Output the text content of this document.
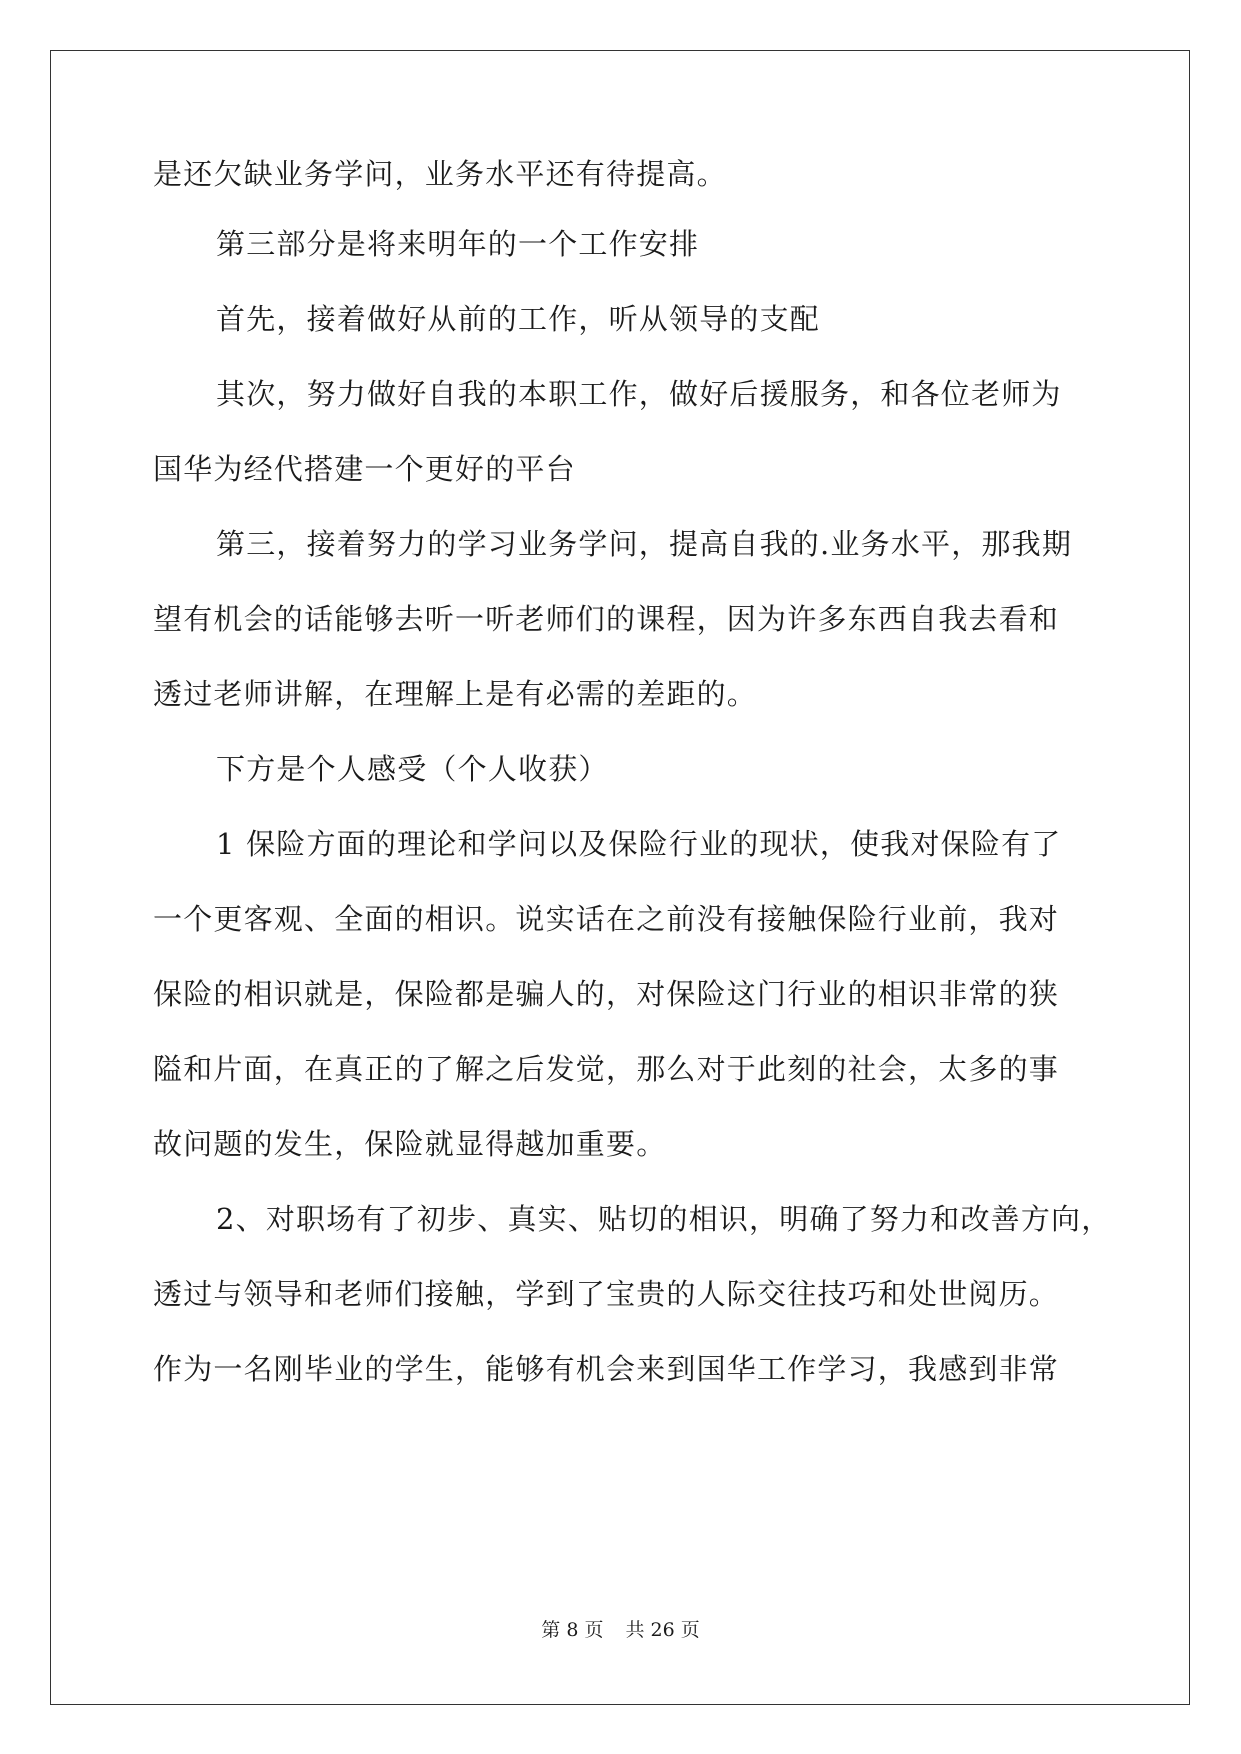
是还欠缺业务学问，业务水平还有待提高。
第三部分是将来明年的一个工作安排
首先，接着做好从前的工作，听从领导的支配
其次，努力做好自我的本职工作，做好后援服务，和各位老师为
国华为经代搭建一个更好的平台
第三，接着努力的学习业务学问，提高自我的.业务水平，那我期
望有机会的话能够去听一听老师们的课程，因为许多东西自我去看和
透过老师讲解，在理解上是有必需的差距的。
下方是个人感受（个人收获）
1 保险方面的理论和学问以及保险行业的现状，使我对保险有了
一个更客观、全面的相识。说实话在之前没有接触保险行业前，我对
保险的相识就是，保险都是骗人的，对保险这门行业的相识非常的狭
隘和片面，在真正的了解之后发觉，那么对于此刻的社会，太多的事
故问题的发生，保险就显得越加重要。
2、对职场有了初步、真实、贴切的相识，明确了努力和改善方向，
透过与领导和老师们接触，学到了宝贵的人际交往技巧和处世阅历。
作为一名刚毕业的学生，能够有机会来到国华工作学习，我感到非常
第 8 页 共 26 页
